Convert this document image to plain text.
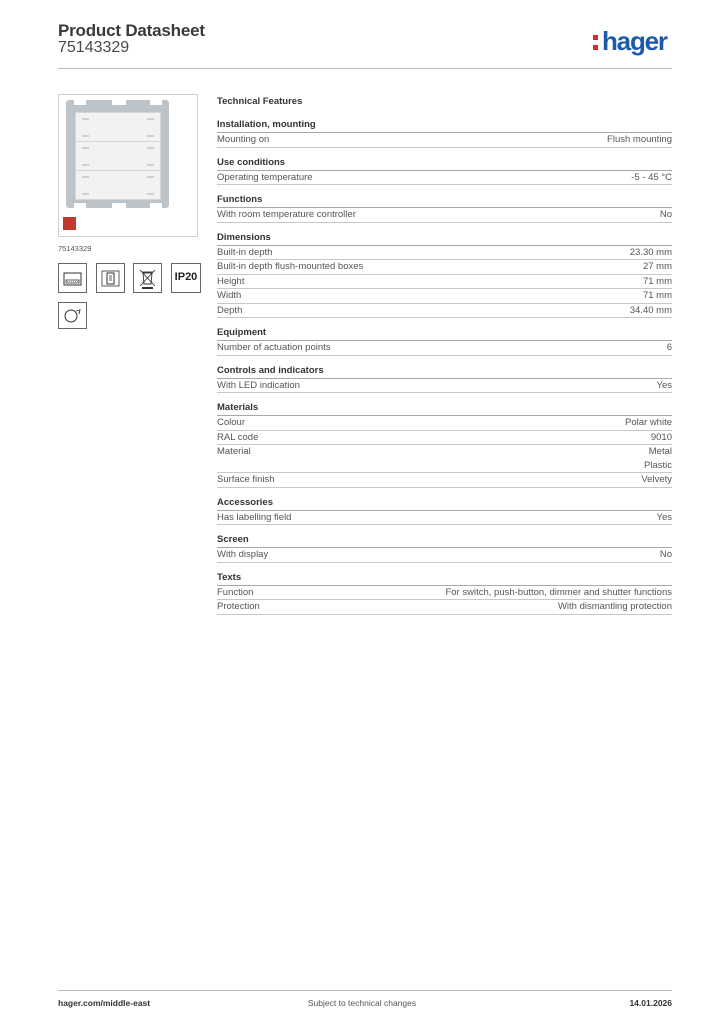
Product Datasheet
75143329	hager
75143329
IP20
Technical Features
Installation, mounting
Mounting on	Flush mounting
Use conditions
Operating temperature	-5 - 45 °C
Functions
With room temperature controller	No
Dimensions
Built-in depth	23.30 mm
Built-in depth flush-mounted boxes	27 mm
Height	71 mm
Width	71 mm
Depth	34.40 mm
Equipment
Number of actuation points	6
Controls and indicators
With LED indication	Yes
Materials
Colour	Polar white
RAL code	9010
Material	Metal
Plastic
Surface finish	Velvety
Accessories
Has labelling field	Yes
Screen
With display	No
Texts
Function	For switch, push-button, dimmer and shutter functions
Protection	With dismantling protection
hager.com/middle-east	Subject to technical changes	14.01.2026
